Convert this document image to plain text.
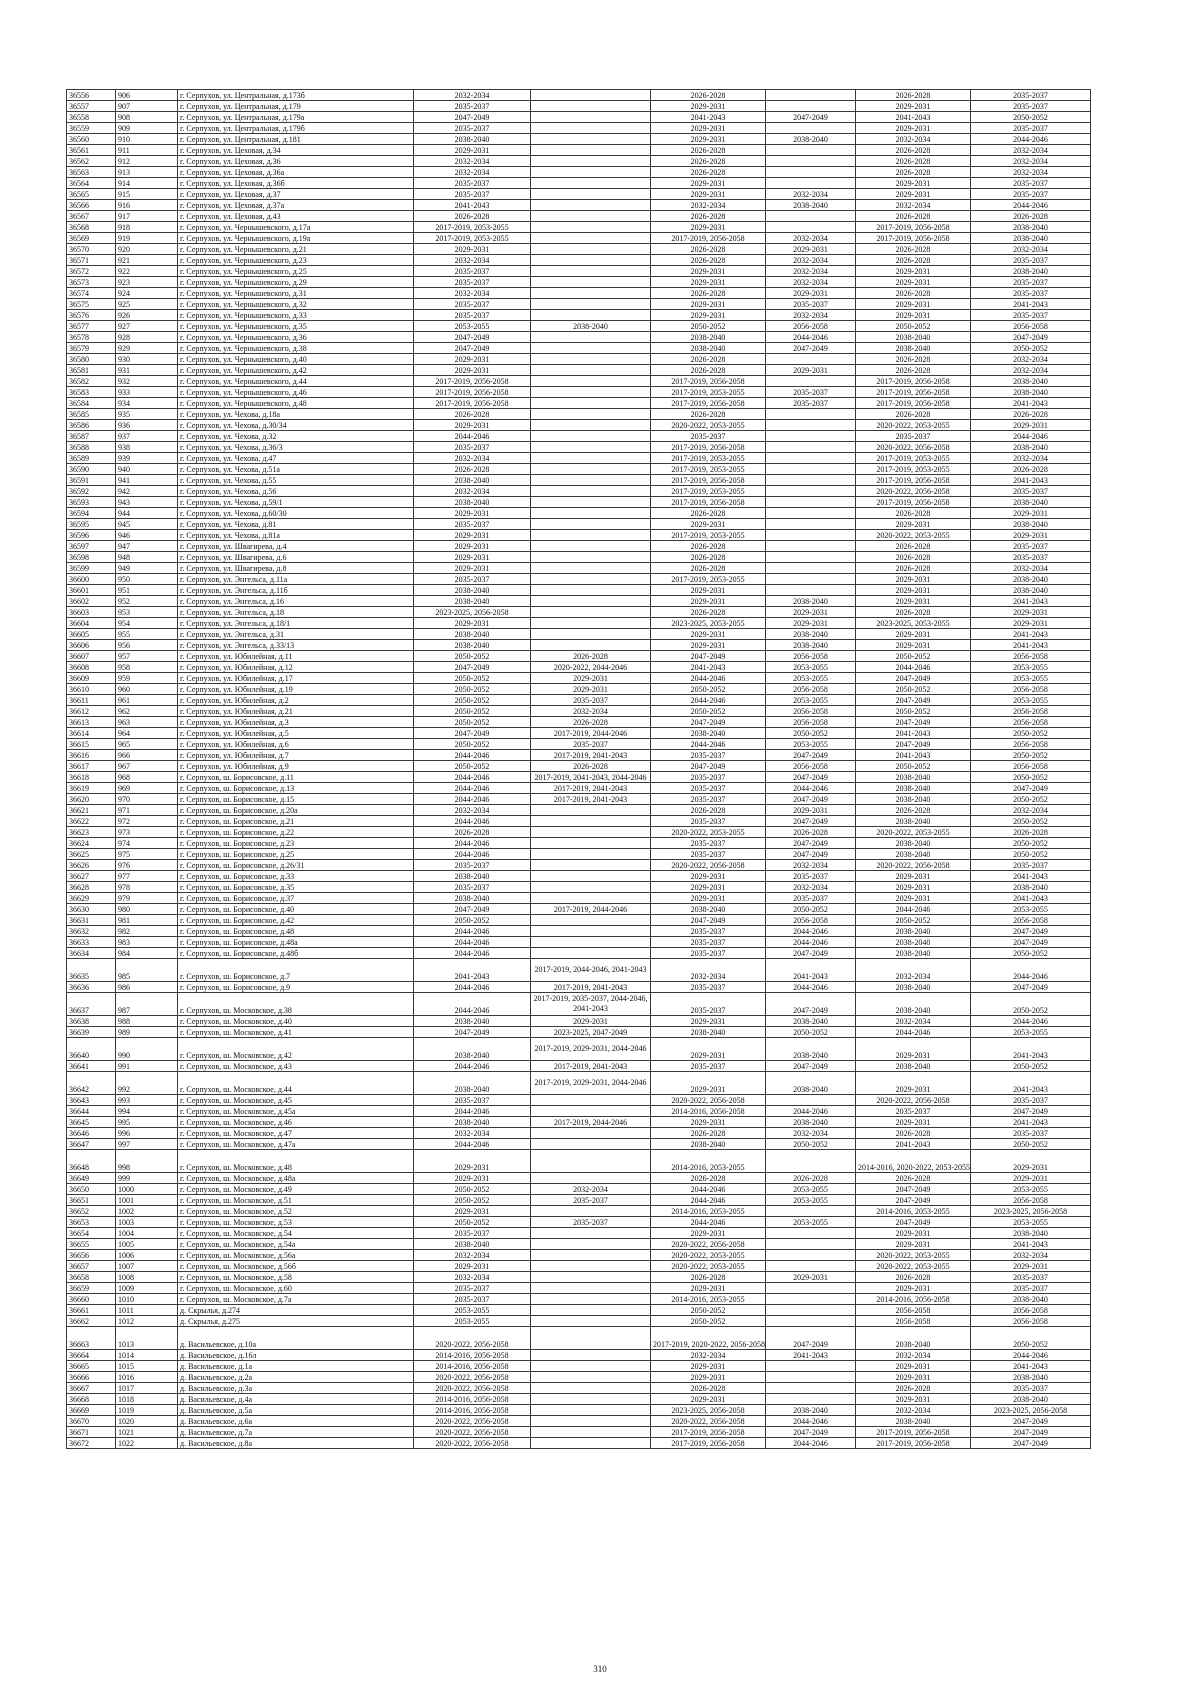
36556	906	г. Серпухов, ул. Центральная, д.173б	2032-2034		2026-2028		2026-2028	2035-2037
36557	907	г. Серпухов, ул. Центральная, д.179	2035-2037		2029-2031		2029-2031	2035-2037
36558	908	г. Серпухов, ул. Центральная, д.179а	2047-2049		2041-2043	2047-2049	2041-2043	2050-2052
36559	909	г. Серпухов, ул. Центральная, д.179б	2035-2037		2029-2031		2029-2031	2035-2037
36560	910	г. Серпухов, ул. Центральная, д.181	2038-2040		2029-2031	2038-2040	2032-2034	2044-2046
36561	911	г. Серпухов, ул. Цеховая, д.34	2029-2031		2026-2028		2026-2028	2032-2034
36562	912	г. Серпухов, ул. Цеховая, д.36	2032-2034		2026-2028		2026-2028	2032-2034
36563	913	г. Серпухов, ул. Цеховая, д.36а	2032-2034		2026-2028		2026-2028	2032-2034
36564	914	г. Серпухов, ул. Цеховая, д.36б	2035-2037		2029-2031		2029-2031	2035-2037
36565	915	г. Серпухов, ул. Цеховая, д.37	2035-2037		2029-2031	2032-2034	2029-2031	2035-2037
36566	916	г. Серпухов, ул. Цеховая, д.37а	2041-2043		2032-2034	2038-2040	2032-2034	2044-2046
36567	917	г. Серпухов, ул. Цеховая, д.43	2026-2028		2026-2028		2026-2028	2026-2028
36568	918	г. Серпухов, ул. Чернышевского, д.17а	2017-2019, 2053-2055		2029-2031		2017-2019, 2056-2058	2038-2040
36569	919	г. Серпухов, ул. Чернышевского, д.19а	2017-2019, 2053-2055		2017-2019, 2056-2058	2032-2034	2017-2019, 2056-2058	2038-2040
36570	920	г. Серпухов, ул. Чернышевского, д.21	2029-2031		2026-2028	2029-2031	2026-2028	2032-2034
36571	921	г. Серпухов, ул. Чернышевского, д.23	2032-2034		2026-2028	2032-2034	2026-2028	2035-2037
36572	922	г. Серпухов, ул. Чернышевского, д.25	2035-2037		2029-2031	2032-2034	2029-2031	2038-2040
36573	923	г. Серпухов, ул. Чернышевского, д.29	2035-2037		2029-2031	2032-2034	2029-2031	2035-2037
36574	924	г. Серпухов, ул. Чернышевского, д.31	2032-2034		2026-2028	2029-2031	2026-2028	2035-2037
36575	925	г. Серпухов, ул. Чернышевского, д.32	2035-2037		2029-2031	2035-2037	2029-2031	2041-2043
36576	926	г. Серпухов, ул. Чернышевского, д.33	2035-2037		2029-2031	2032-2034	2029-2031	2035-2037
36577	927	г. Серпухов, ул. Чернышевского, д.35	2053-2055	2038-2040	2050-2052	2056-2058	2050-2052	2056-2058
36578	928	г. Серпухов, ул. Чернышевского, д.36	2047-2049		2038-2040	2044-2046	2038-2040	2047-2049
36579	929	г. Серпухов, ул. Чернышевского, д.38	2047-2049		2038-2040	2047-2049	2038-2040	2050-2052
36580	930	г. Серпухов, ул. Чернышевского, д.40	2029-2031		2026-2028		2026-2028	2032-2034
36581	931	г. Серпухов, ул. Чернышевского, д.42	2029-2031		2026-2028	2029-2031	2026-2028	2032-2034
36582	932	г. Серпухов, ул. Чернышевского, д.44	2017-2019, 2056-2058		2017-2019, 2056-2058		2017-2019, 2056-2058	2038-2040
36583	933	г. Серпухов, ул. Чернышевского, д.46	2017-2019, 2056-2058		2017-2019, 2053-2055	2035-2037	2017-2019, 2056-2058	2038-2040
36584	934	г. Серпухов, ул. Чернышевского, д.48	2017-2019, 2056-2058		2017-2019, 2056-2058	2035-2037	2017-2019, 2056-2058	2041-2043
36585	935	г. Серпухов, ул. Чехова, д.18а	2026-2028		2026-2028		2026-2028	2026-2028
36586	936	г. Серпухов, ул. Чехова, д.30/34	2029-2031		2020-2022, 2053-2055		2020-2022, 2053-2055	2029-2031
36587	937	г. Серпухов, ул. Чехова, д.32	2044-2046		2035-2037		2035-2037	2044-2046
36588	938	г. Серпухов, ул. Чехова, д.36/3	2035-2037		2017-2019, 2056-2058		2020-2022, 2056-2058	2038-2040
36589	939	г. Серпухов, ул. Чехова, д.47	2032-2034		2017-2019, 2053-2055		2017-2019, 2053-2055	2032-2034
36590	940	г. Серпухов, ул. Чехова, д.51а	2026-2028		2017-2019, 2053-2055		2017-2019, 2053-2055	2026-2028
36591	941	г. Серпухов, ул. Чехова, д.55	2038-2040		2017-2019, 2056-2058		2017-2019, 2056-2058	2041-2043
36592	942	г. Серпухов, ул. Чехова, д.56	2032-2034		2017-2019, 2053-2055		2020-2022, 2056-2058	2035-2037
36593	943	г. Серпухов, ул. Чехова, д.59/1	2038-2040		2017-2019, 2056-2058		2017-2019, 2056-2058	2038-2040
36594	944	г. Серпухов, ул. Чехова, д.60/30	2029-2031		2026-2028		2026-2028	2029-2031
36595	945	г. Серпухов, ул. Чехова, д.81	2035-2037		2029-2031		2029-2031	2038-2040
36596	946	г. Серпухов, ул. Чехова, д.81а	2029-2031		2017-2019, 2053-2055		2020-2022, 2053-2055	2029-2031
36597	947	г. Серпухов, ул. Швагирева, д.4	2029-2031		2026-2028		2026-2028	2035-2037
36598	948	г. Серпухов, ул. Швагирева, д.6	2029-2031		2026-2028		2026-2028	2035-2037
36599	949	г. Серпухов, ул. Швагирева, д.8	2029-2031		2026-2028		2026-2028	2032-2034
36600	950	г. Серпухов, ул. Энгельса, д.11а	2035-2037		2017-2019, 2053-2055		2029-2031	2038-2040
36601	951	г. Серпухов, ул. Энгельса, д.11б	2038-2040		2029-2031		2029-2031	2038-2040
36602	952	г. Серпухов, ул. Энгельса, д.16	2038-2040		2029-2031	2038-2040	2029-2031	2041-2043
36603	953	г. Серпухов, ул. Энгельса, д.18	2023-2025, 2056-2058		2026-2028	2029-2031	2026-2028	2029-2031
36604	954	г. Серпухов, ул. Энгельса, д.18/1	2029-2031		2023-2025, 2053-2055	2029-2031	2023-2025, 2053-2055	2029-2031
36605	955	г. Серпухов, ул. Энгельса, д.31	2038-2040		2029-2031	2038-2040	2029-2031	2041-2043
36606	956	г. Серпухов, ул. Энгельса, д.33/13	2038-2040		2029-2031	2038-2040	2029-2031	2041-2043
36607	957	г. Серпухов, ул. Юбилейная, д.11	2050-2052	2026-2028	2047-2049	2056-2058	2050-2052	2056-2058
36608	958	г. Серпухов, ул. Юбилейная, д.12	2047-2049	2020-2022, 2044-2046	2041-2043	2053-2055	2044-2046	2053-2055
36609	959	г. Серпухов, ул. Юбилейная, д.17	2050-2052	2029-2031	2044-2046	2053-2055	2047-2049	2053-2055
36610	960	г. Серпухов, ул. Юбилейная, д.19	2050-2052	2029-2031	2050-2052	2056-2058	2050-2052	2056-2058
36611	961	г. Серпухов, ул. Юбилейная, д.2	2050-2052	2035-2037	2044-2046	2053-2055	2047-2049	2053-2055
36612	962	г. Серпухов, ул. Юбилейная, д.21	2050-2052	2032-2034	2050-2052	2056-2058	2050-2052	2056-2058
36613	963	г. Серпухов, ул. Юбилейная, д.3	2050-2052	2026-2028	2047-2049	2056-2058	2047-2049	2056-2058
36614	964	г. Серпухов, ул. Юбилейная, д.5	2047-2049	2017-2019, 2044-2046	2038-2040	2050-2052	2041-2043	2050-2052
36615	965	г. Серпухов, ул. Юбилейная, д.6	2050-2052	2035-2037	2044-2046	2053-2055	2047-2049	2056-2058
36616	966	г. Серпухов, ул. Юбилейная, д.7	2044-2046	2017-2019, 2041-2043	2035-2037	2047-2049	2041-2043	2050-2052
36617	967	г. Серпухов, ул. Юбилейная, д.9	2050-2052	2026-2028	2047-2049	2056-2058	2050-2052	2056-2058
36618	968	г. Серпухов, ш. Борисовское, д.11	2044-2046	2017-2019, 2041-2043, 2044-2046	2035-2037	2047-2049	2038-2040	2050-2052
36619	969	г. Серпухов, ш. Борисовское, д.13	2044-2046	2017-2019, 2041-2043	2035-2037	2044-2046	2038-2040	2047-2049
36620	970	г. Серпухов, ш. Борисовское, д.15	2044-2046	2017-2019, 2041-2043	2035-2037	2047-2049	2038-2040	2050-2052
36621	971	г. Серпухов, ш. Борисовское, д.20а	2032-2034		2026-2028	2029-2031	2026-2028	2032-2034
36622	972	г. Серпухов, ш. Борисовское, д.21	2044-2046		2035-2037	2047-2049	2038-2040	2050-2052
36623	973	г. Серпухов, ш. Борисовское, д.22	2026-2028		2020-2022, 2053-2055	2026-2028	2020-2022, 2053-2055	2026-2028
36624	974	г. Серпухов, ш. Борисовское, д.23	2044-2046		2035-2037	2047-2049	2038-2040	2050-2052
36625	975	г. Серпухов, ш. Борисовское, д.25	2044-2046		2035-2037	2047-2049	2038-2040	2050-2052
36626	976	г. Серпухов, ш. Борисовское, д.26/31	2035-2037		2020-2022, 2056-2058	2032-2034	2020-2022, 2056-2058	2035-2037
36627	977	г. Серпухов, ш. Борисовское, д.33	2038-2040		2029-2031	2035-2037	2029-2031	2041-2043
36628	978	г. Серпухов, ш. Борисовское, д.35	2035-2037		2029-2031	2032-2034	2029-2031	2038-2040
36629	979	г. Серпухов, ш. Борисовское, д.37	2038-2040		2029-2031	2035-2037	2029-2031	2041-2043
36630	980	г. Серпухов, ш. Борисовское, д.40	2047-2049	2017-2019, 2044-2046	2038-2040	2050-2052	2044-2046	2053-2055
36631	981	г. Серпухов, ш. Борисовское, д.42	2050-2052		2047-2049	2056-2058	2050-2052	2056-2058
36632	982	г. Серпухов, ш. Борисовское, д.48	2044-2046		2035-2037	2044-2046	2038-2040	2047-2049
36633	983	г. Серпухов, ш. Борисовское, д.48а	2044-2046		2035-2037	2044-2046	2038-2040	2047-2049
36634	984	г. Серпухов, ш. Борисовское, д.48б	2044-2046		2035-2037	2047-2049	2038-2040	2050-2052
36635	985	г. Серпухов, ш. Борисовское, д.7	2041-2043	2017-2019, 2044-2046, 2041-2043	2032-2034	2041-2043	2032-2034	2044-2046
36636	986	г. Серпухов, ш. Борисовское, д.9	2044-2046	2017-2019, 2041-2043	2035-2037	2044-2046	2038-2040	2047-2049
36637	987	г. Серпухов, ш. Московское, д.38	2044-2046	2017-2019, 2035-2037, 2044-2046, 2041-2043	2035-2037	2047-2049	2038-2040	2050-2052
36638	988	г. Серпухов, ш. Московское, д.40	2038-2040	2029-2031	2029-2031	2038-2040	2032-2034	2044-2046
36639	989	г. Серпухов, ш. Московское, д.41	2047-2049	2023-2025, 2047-2049	2038-2040	2050-2052	2044-2046	2053-2055
36640	990	г. Серпухов, ш. Московское, д.42	2038-2040	2017-2019, 2029-2031, 2044-2046	2029-2031	2038-2040	2029-2031	2041-2043
36641	991	г. Серпухов, ш. Московское, д.43	2044-2046	2017-2019, 2041-2043	2035-2037	2047-2049	2038-2040	2050-2052
36642	992	г. Серпухов, ш. Московское, д.44	2038-2040	2017-2019, 2029-2031, 2044-2046	2029-2031	2038-2040	2029-2031	2041-2043
36643	993	г. Серпухов, ш. Московское, д.45	2035-2037		2020-2022, 2056-2058		2020-2022, 2056-2058	2035-2037
36644	994	г. Серпухов, ш. Московское, д.45а	2044-2046		2014-2016, 2056-2058	2044-2046	2035-2037	2047-2049
36645	995	г. Серпухов, ш. Московское, д.46	2038-2040	2017-2019, 2044-2046	2029-2031	2038-2040	2029-2031	2041-2043
36646	996	г. Серпухов, ш. Московское, д.47	2032-2034		2026-2028	2032-2034	2026-2028	2035-2037
36647	997	г. Серпухов, ш. Московское, д.47а	2044-2046		2038-2040	2050-2052	2041-2043	2050-2052
36648	998	г. Серпухов, ш. Московское, д.48	2029-2031		2014-2016, 2053-2055		2014-2016, 2020-2022, 2053-2055	2029-2031
36649	999	г. Серпухов, ш. Московское, д.48а	2029-2031		2026-2028	2026-2028	2026-2028	2029-2031
36650	1000	г. Серпухов, ш. Московское, д.49	2050-2052	2032-2034	2044-2046	2053-2055	2047-2049	2053-2055
36651	1001	г. Серпухов, ш. Московское, д.51	2050-2052	2035-2037	2044-2046	2053-2055	2047-2049	2056-2058
36652	1002	г. Серпухов, ш. Московское, д.52	2029-2031		2014-2016, 2053-2055		2014-2016, 2053-2055	2023-2025, 2056-2058
36653	1003	г. Серпухов, ш. Московское, д.53	2050-2052	2035-2037	2044-2046	2053-2055	2047-2049	2053-2055
36654	1004	г. Серпухов, ш. Московское, д.54	2035-2037		2029-2031		2029-2031	2038-2040
36655	1005	г. Серпухов, ш. Московское, д.54а	2038-2040		2020-2022, 2056-2058		2029-2031	2041-2043
36656	1006	г. Серпухов, ш. Московское, д.56а	2032-2034		2020-2022, 2053-2055		2020-2022, 2053-2055	2032-2034
36657	1007	г. Серпухов, ш. Московское, д.56б	2029-2031		2020-2022, 2053-2055		2020-2022, 2053-2055	2029-2031
36658	1008	г. Серпухов, ш. Московское, д.58	2032-2034		2026-2028	2029-2031	2026-2028	2035-2037
36659	1009	г. Серпухов, ш. Московское, д.60	2035-2037		2029-2031		2029-2031	2035-2037
36660	1010	г. Серпухов, ш. Московское, д.7а	2035-2037		2014-2016, 2053-2055		2014-2016, 2056-2058	2038-2040
36661	1011	д. Скрылья, д.274	2053-2055		2050-2052		2056-2058	2056-2058
36662	1012	д. Скрылья, д.275	2053-2055		2050-2052		2056-2058	2056-2058
36663	1013	д. Васильевское, д.10а	2020-2022, 2056-2058		2017-2019, 2020-2022, 2056-2058	2047-2049	2038-2040	2050-2052
36664	1014	д. Васильевское, д.16л	2014-2016, 2056-2058		2032-2034	2041-2043	2032-2034	2044-2046
36665	1015	д. Васильевское, д.1а	2014-2016, 2056-2058		2029-2031		2029-2031	2041-2043
36666	1016	д. Васильевское, д.2а	2020-2022, 2056-2058		2029-2031		2029-2031	2038-2040
36667	1017	д. Васильевское, д.3а	2020-2022, 2056-2058		2026-2028		2026-2028	2035-2037
36668	1018	д. Васильевское, д.4а	2014-2016, 2056-2058		2029-2031		2029-2031	2038-2040
36669	1019	д. Васильевское, д.5а	2014-2016, 2056-2058		2023-2025, 2056-2058	2038-2040	2032-2034	2023-2025, 2056-2058
36670	1020	д. Васильевское, д.6а	2020-2022, 2056-2058		2020-2022, 2056-2058	2044-2046	2038-2040	2047-2049
36671	1021	д. Васильевское, д.7а	2020-2022, 2056-2058		2017-2019, 2056-2058	2047-2049	2017-2019, 2056-2058	2047-2049
36672	1022	д. Васильевское, д.8а	2020-2022, 2056-2058		2017-2019, 2056-2058	2044-2046	2017-2019, 2056-2058	2047-2049
310
